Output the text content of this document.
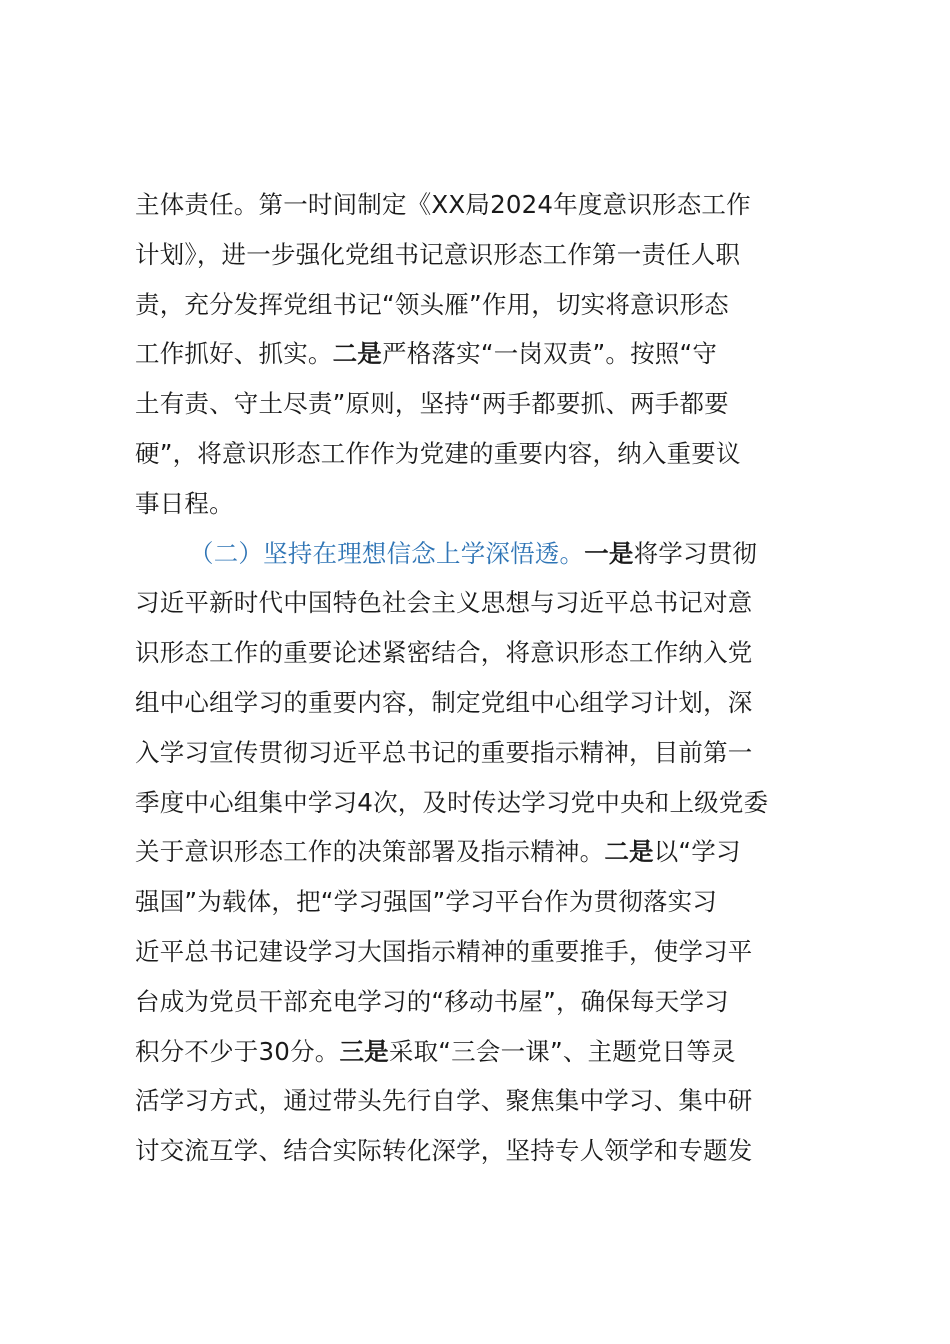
主体责任。第一时间制定《XX局2024年度意识形态工作
计划》，进一步强化党组书记意识形态工作第一责任人职
责，充分发挥党组书记“领头雁”作用，切实将意识形态
工作抓好、抓实。二是严格落实“一岗双责”。按照“守
土有责、守土尽责”原则，坚持“两手都要抓、两手都要
硬”，将意识形态工作作为党建的重要内容，纳入重要议
事日程。
（二）坚持在理想信念上学深悟透。一是将学习贯彻
习近平新时代中国特色社会主义思想与习近平总书记对意
识形态工作的重要论述紧密结合，将意识形态工作纳入党
组中心组学习的重要内容，制定党组中心组学习计划，深
入学习宣传贯彻习近平总书记的重要指示精神，目前第一
季度中心组集中学习4次，及时传达学习党中央和上级党委
关于意识形态工作的决策部署及指示精神。二是以“学习
强国”为载体，把“学习强国”学习平台作为贯彻落实习
近平总书记建设学习大国指示精神的重要推手，使学习平
台成为党员干部充电学习的“移动书屋”，确保每天学习
积分不少于30分。三是采取“三会一课”、主题党日等灵
活学习方式，通过带头先行自学、聚焦集中学习、集中研
讨交流互学、结合实际转化深学，坚持专人领学和专题发
